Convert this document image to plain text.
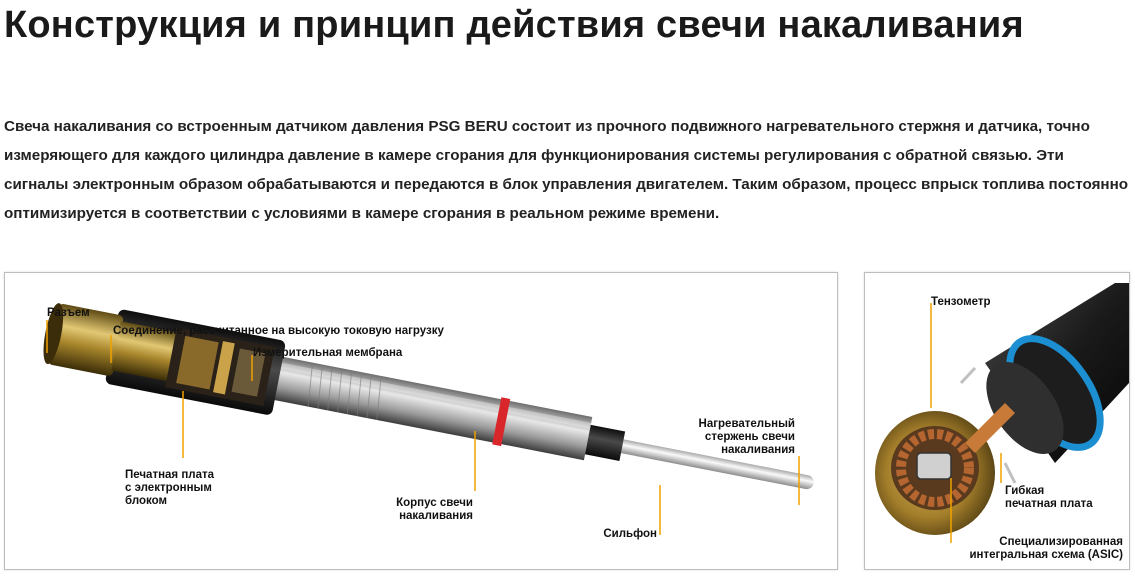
Конструкция и принцип действия свечи накаливания

Свеча накаливания со встроенным датчиком давления PSG BERU состоит из прочного подвижного нагревательного стержня и датчика, точно измеряющего для каждого цилиндра давление в камере сгорания для функционирования системы регулирования с обратной связью. Эти сигналы электронным образом обрабатываются и передаются в блок управления двигателем. Таким образом, процесс впрыск топлива постоянно оптимизируется в соответствии с условиями в камере сгорания в реальном режиме времени.

Разъем
Соединение, рассчитанное на высокую токовую нагрузку
Измерительная мембрана
Нагревательный
стержень свечи
накаливания
Печатная плата
с электронным
блоком	Корпус свечи
накаливания
Сильфон
Тензометр
Гибкая
печатная плата
Специализированная
интегральная схема (ASIC)
